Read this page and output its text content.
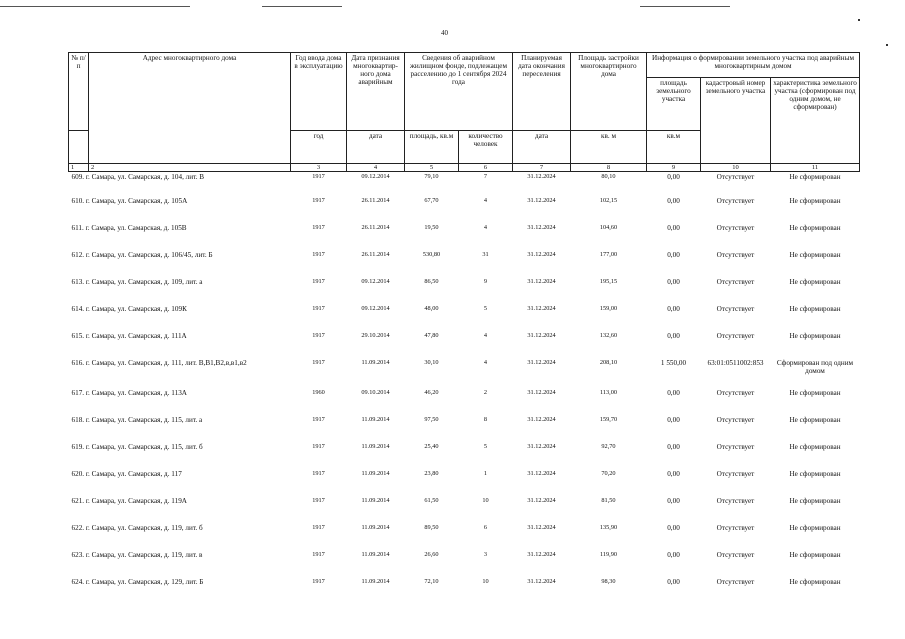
40
№ п/п	Адрес многоквартирного дома	Год ввода дома в эксплуатацию	Дата признания многоквартир-ного дома аварийным	Сведения об аварийном жилищном фонде, подлежащем расселению до 1 сентября 2024 года		Планируемая дата окончания переселения	Площадь застройки многоквартирного дома	Информация о формировании земельного участка под аварийным многоквартирным домом		
								площадь земельного участка	кадастровый номер земельного участка	характеристика земельного участка (сформирован под одним домом, не сформирован)
		год	дата	площадь, кв.м	количество человек	дата	кв. м	кв.м		
1	2	3	4	5	6	7	8	9	10	11
609. г. Самара, ул. Самарская, д. 104, лит. В		1917	09.12.2014	79,10	7	31.12.2024	80,10	0,00	Отсутствует	Не сформирован
610. г. Самара, ул. Самарская, д. 105А		1917	26.11.2014	67,70	4	31.12.2024	102,15	0,00	Отсутствует	Не сформирован
611. г. Самара, ул. Самарская, д. 105В		1917	26.11.2014	19,50	4	31.12.2024	104,60	0,00	Отсутствует	Не сформирован
612. г. Самара, ул. Самарская, д. 106/45, лит. Б		1917	26.11.2014	530,80	31	31.12.2024	177,00	0,00	Отсутствует	Не сформирован
613. г. Самара, ул. Самарская, д. 109, лит. а		1917	09.12.2014	86,50	9	31.12.2024	195,15	0,00	Отсутствует	Не сформирован
614. г. Самара, ул. Самарская, д. 109К		1917	09.12.2014	48,00	5	31.12.2024	159,00	0,00	Отсутствует	Не сформирован
615. г. Самара, ул. Самарская, д. 111А		1917	29.10.2014	47,80	4	31.12.2024	132,60	0,00	Отсутствует	Не сформирован
616. г. Самара, ул. Самарская, д. 111, лит. В,В1,В2,в,в1,в2		1917	11.09.2014	30,10	4	31.12.2024	208,10	1 550,00	63:01:0511002:853	Сформирован под одним домом
617. г. Самара, ул. Самарская, д. 113А		1960	09.10.2014	46,20	2	31.12.2024	113,00	0,00	Отсутствует	Не сформирован
618. г. Самара, ул. Самарская, д. 115, лит. а		1917	11.09.2014	97,50	8	31.12.2024	159,70	0,00	Отсутствует	Не сформирован
619. г. Самара, ул. Самарская, д. 115, лит. б		1917	11.09.2014	25,40	5	31.12.2024	92,70	0,00	Отсутствует	Не сформирован
620. г. Самара, ул. Самарская, д. 117		1917	11.09.2014	23,80	1	31.12.2024	70,20	0,00	Отсутствует	Не сформирован
621. г. Самара, ул. Самарская, д. 119А		1917	11.09.2014	61,50	10	31.12.2024	81,50	0,00	Отсутствует	Не сформирован
622. г. Самара, ул. Самарская, д. 119, лит. б		1917	11.09.2014	89,50	6	31.12.2024	135,90	0,00	Отсутствует	Не сформирован
623. г. Самара, ул. Самарская, д. 119, лит. в		1917	11.09.2014	26,60	3	31.12.2024	119,90	0,00	Отсутствует	Не сформирован
624. г. Самара, ул. Самарская, д. 129, лит. Б		1917	11.09.2014	72,10	10	31.12.2024	98,30	0,00	Отсутствует	Не сформирован
